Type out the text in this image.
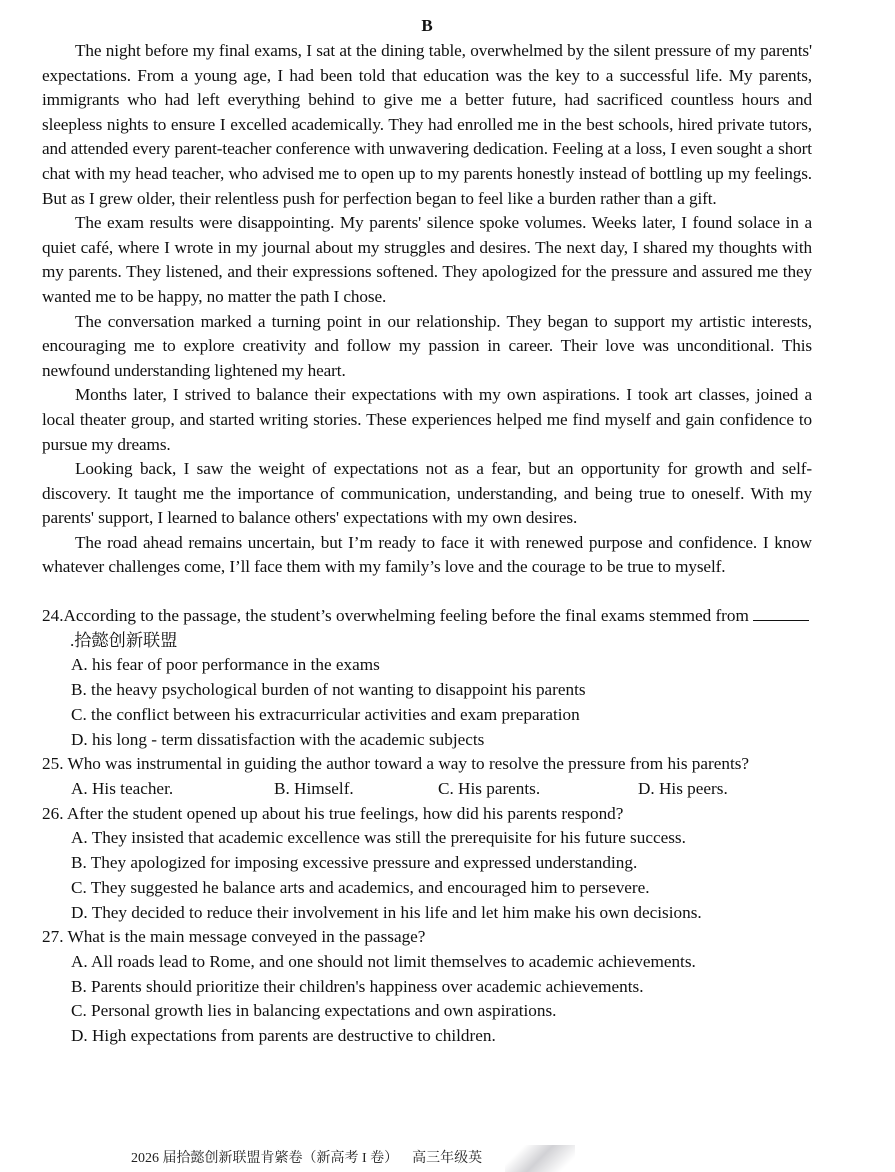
B

The night before my final exams, I sat at the dining table, overwhelmed by the silent pressure of my parents' expectations. From a young age, I had been told that education was the key to a successful life. My parents, immigrants who had left everything behind to give me a better future, had sacrificed countless hours and sleepless nights to ensure I excelled academically. They had enrolled me in the best schools, hired private tutors, and attended every parent-teacher conference with unwavering dedication. Feeling at a loss, I even sought a short chat with my head teacher, who advised me to open up to my parents honestly instead of bottling up my feelings. But as I grew older, their relentless push for perfection began to feel like a burden rather than a gift.

The exam results were disappointing. My parents' silence spoke volumes. Weeks later, I found solace in a quiet café, where I wrote in my journal about my struggles and desires. The next day, I shared my thoughts with my parents. They listened, and their expressions softened. They apologized for the pressure and assured me they wanted me to be happy, no matter the path I chose.

The conversation marked a turning point in our relationship. They began to support my artistic interests, encouraging me to explore creativity and follow my passion in career. Their love was unconditional. This newfound understanding lightened my heart.

Months later, I strived to balance their expectations with my own aspirations. I took art classes, joined a local theater group, and started writing stories. These experiences helped me find myself and gain confidence to pursue my dreams.

Looking back, I saw the weight of expectations not as a fear, but an opportunity for growth and self-discovery. It taught me the importance of communication, understanding, and being true to oneself. With my parents' support, I learned to balance others' expectations with my own desires.

The road ahead remains uncertain, but I’m ready to face it with renewed purpose and confidence. I know whatever challenges come, I’ll face them with my family’s love and the courage to be true to myself.

24.According to the passage, the student’s overwhelming feeling before the final exams stemmed from .拾懿创新联盟

A. his fear of poor performance in the exams

B. the heavy psychological burden of not wanting to disappoint his parents

C. the conflict between his extracurricular activities and exam preparation

D. his long - term dissatisfaction with the academic subjects

25. Who was instrumental in guiding the author toward a way to resolve the pressure from his parents?

A. His teacher.	B. Himself.	C. His parents.	D. His peers.

26. After the student opened up about his true feelings, how did his parents respond?

A. They insisted that academic excellence was still the prerequisite for his future success.

B. They apologized for imposing excessive pressure and expressed understanding.

C. They suggested he balance arts and academics, and encouraged him to persevere.

D. They decided to reduce their involvement in his life and let him make his own decisions.

27. What is the main message conveyed in the passage?

A. All roads lead to Rome, and one should not limit themselves to academic achievements.

B. Parents should prioritize their children's happiness over academic achievements.

C. Personal growth lies in balancing expectations and own aspirations.

D. High expectations from parents are destructive to children.

2026 届拾懿创新联盟肯綮卷（新高考 I 卷）    高三年级英
